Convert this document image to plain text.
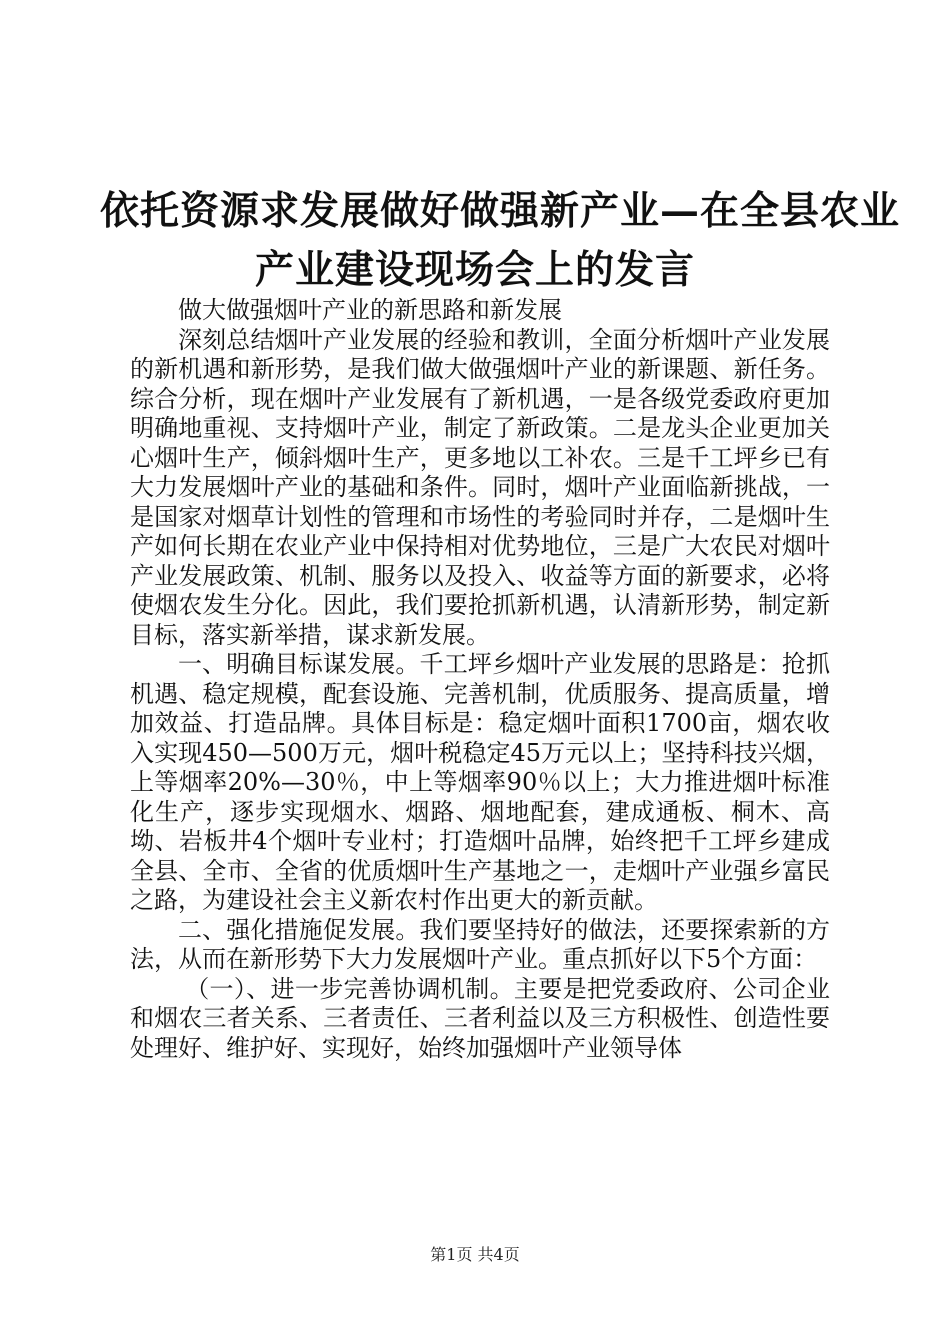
依托资源求发展做好做强新产业—在全县农业
产业建设现场会上的发言

做大做强烟叶产业的新思路和新发展

深刻总结烟叶产业发展的经验和教训，全面分析烟叶产业发展的新机遇和新形势，是我们做大做强烟叶产业的新课题、新任务。综合分析，现在烟叶产业发展有了新机遇，一是各级党委政府更加明确地重视、支持烟叶产业，制定了新政策。二是龙头企业更加关心烟叶生产，倾斜烟叶生产，更多地以工补农。三是千工坪乡已有大力发展烟叶产业的基础和条件。同时，烟叶产业面临新挑战，一是国家对烟草计划性的管理和市场性的考验同时并存，二是烟叶生产如何长期在农业产业中保持相对优势地位，三是广大农民对烟叶产业发展政策、机制、服务以及投入、收益等方面的新要求，必将使烟农发生分化。因此，我们要抢抓新机遇，认清新形势，制定新目标，落实新举措，谋求新发展。

一、明确目标谋发展。千工坪乡烟叶产业发展的思路是：抢抓机遇、稳定规模，配套设施、完善机制，优质服务、提高质量，增加效益、打造品牌。具体目标是：稳定烟叶面积1700亩，烟农收入实现450—500万元，烟叶税稳定45万元以上；坚持科技兴烟，上等烟率20%—30％，中上等烟率90％以上；大力推进烟叶标准化生产，逐步实现烟水、烟路、烟地配套，建成通板、桐木、高坳、岩板井4个烟叶专业村；打造烟叶品牌，始终把千工坪乡建成全县、全市、全省的优质烟叶生产基地之一，走烟叶产业强乡富民之路，为建设社会主义新农村作出更大的新贡献。

二、强化措施促发展。我们要坚持好的做法，还要探索新的方法，从而在新形势下大力发展烟叶产业。重点抓好以下5个方面：

（一）、进一步完善协调机制。主要是把党委政府、公司企业和烟农三者关系、三者责任、三者利益以及三方积极性、创造性要处理好、维护好、实现好，始终加强烟叶产业领导体

第1页 共4页
